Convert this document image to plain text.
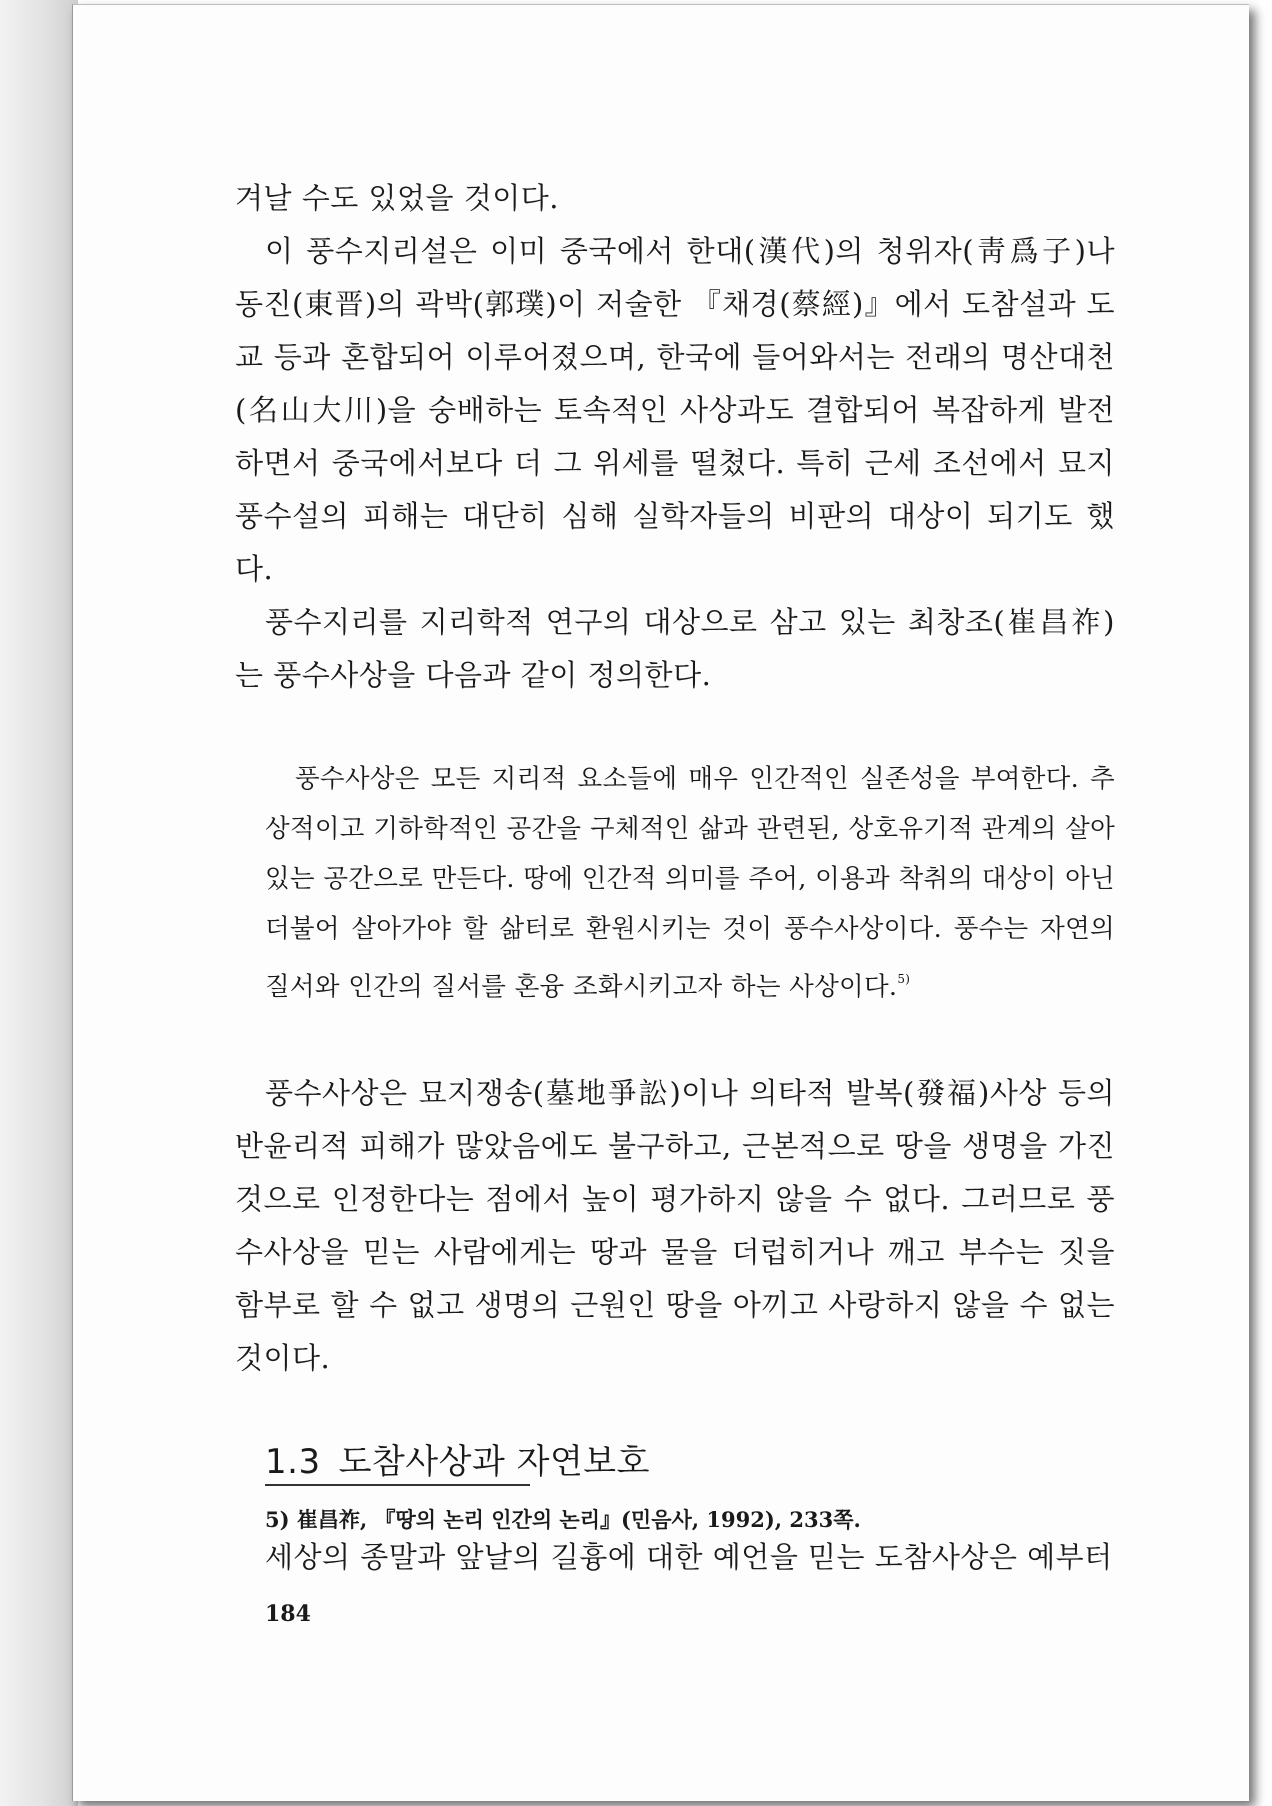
겨날 수도 있었을 것이다.

이 풍수지리설은 이미 중국에서 한대(漢代)의 청위자(靑爲子)나 동진(東晋)의 곽박(郭璞)이 저술한 『채경(蔡經)』에서 도참설과 도교 등과 혼합되어 이루어졌으며, 한국에 들어와서는 전래의 명산대천(名山大川)을 숭배하는 토속적인 사상과도 결합되어 복잡하게 발전하면서 중국에서보다 더 그 위세를 떨쳤다. 특히 근세 조선에서 묘지풍수설의 피해는 대단히 심해 실학자들의 비판의 대상이 되기도 했다.

풍수지리를 지리학적 연구의 대상으로 삼고 있는 최창조(崔昌祚)는 풍수사상을 다음과 같이 정의한다.

풍수사상은 모든 지리적 요소들에 매우 인간적인 실존성을 부여한다. 추상적이고 기하학적인 공간을 구체적인 삶과 관련된, 상호유기적 관계의 살아 있는 공간으로 만든다. 땅에 인간적 의미를 주어, 이용과 착취의 대상이 아닌 더불어 살아가야 할 삶터로 환원시키는 것이 풍수사상이다. 풍수는 자연의 질서와 인간의 질서를 혼융 조화시키고자 하는 사상이다.$^{5)}$

풍수사상은 묘지쟁송(墓地爭訟)이나 의타적 발복(發福)사상 등의 반윤리적 피해가 많았음에도 불구하고, 근본적으로 땅을 생명을 가진 것으로 인정한다는 점에서 높이 평가하지 않을 수 없다. 그러므로 풍수사상을 믿는 사람에게는 땅과 물을 더럽히거나 깨고 부수는 짓을 함부로 할 수 없고 생명의 근원인 땅을 아끼고 사랑하지 않을 수 없는 것이다.

1.3 도참사상과 자연보호

세상의 종말과 앞날의 길흉에 대한 예언을 믿는 도참사상은 예부터

5) 崔昌祚, 『땅의 논리 인간의 논리』(민음사, 1992), 233쪽.
184
